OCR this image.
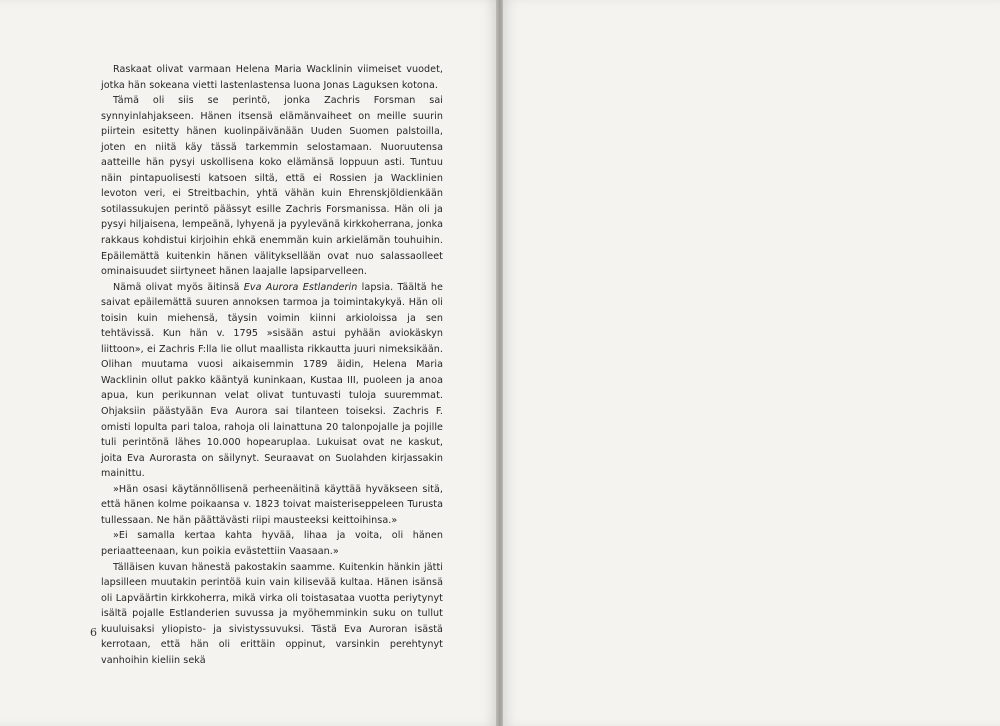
Raskaat olivat varmaan Helena Maria Wacklinin viimeiset vuodet, jotka hän sokeana vietti lastenlastensa luona Jonas Laguksen kotona.

Tämä oli siis se perintö, jonka Zachris Forsman sai synnyinlahjakseen. Hänen itsensä elämänvaiheet on meille suurin piirtein esitetty hänen kuolinpäivänään Uuden Suomen palstoilla, joten en niitä käy tässä tarkemmin selostamaan. Nuoruutensa aatteille hän pysyi uskollisena koko elämänsä loppuun asti. Tuntuu näin pintapuolisesti katsoen siltä, että ei Rossien ja Wacklinien levoton veri, ei Streitbachin, yhtä vähän kuin Ehrenskjöldienkään sotilassukujen perintö päässyt esille Zachris Forsmanissa. Hän oli ja pysyi hiljaisena, lempeänä, lyhyenä ja pyylevänä kirkkoherrana, jonka rakkaus kohdistui kirjoihin ehkä enemmän kuin arkielämän touhuihin. Epäilemättä kuitenkin hänen välityksellään ovat nuo salassaolleet ominaisuudet siirtyneet hänen laajalle lapsiparvelleen.

Nämä olivat myös äitinsä Eva Aurora Estlanderin lapsia. Täältä he saivat epäilemättä suuren annoksen tarmoa ja toimintakykyä. Hän oli toisin kuin miehensä, täysin voimin kiinni arkioloissa ja sen tehtävissä. Kun hän v. 1795 »sisään astui pyhään aviokäskyn liittoon», ei Zachris F:lla lie ollut maallista rikkautta juuri nimeksikään. Olihan muutama vuosi aikaisemmin 1789 äidin, Helena Maria Wacklinin ollut pakko kääntyä kuninkaan, Kustaa III, puoleen ja anoa apua, kun perikunnan velat olivat tuntuvasti tuloja suuremmat. Ohjaksiin päästyään Eva Aurora sai tilanteen toiseksi. Zachris F. omisti lopulta pari taloa, rahoja oli lainattuna 20 talonpojalle ja pojille tuli perintönä lähes 10.000 hopearuplaa. Lukuisat ovat ne kaskut, joita Eva Aurorasta on säilynyt. Seuraavat on Suolahden kirjassakin mainittu.

»Hän osasi käytännöllisenä perheenäitinä käyttää hyväkseen sitä, että hänen kolme poikaansa v. 1823 toivat maisteriseppeleen Turusta tullessaan. Ne hän päättävästi riipi mausteeksi keittoihinsa.»

»Ei samalla kertaa kahta hyvää, lihaa ja voita, oli hänen periaatteenaan, kun poikia evästettiin Vaasaan.»

Tälläisen kuvan hänestä pakostakin saamme. Kuitenkin hänkin jätti lapsilleen muutakin perintöä kuin vain kilisevää kultaa. Hänen isänsä oli Lapväärtin kirkkoherra, mikä virka oli toistasataa vuotta periytynyt isältä pojalle Estlanderien suvussa ja myöhemminkin suku on tullut kuuluisaksi yliopisto- ja sivistyssuvuksi. Tästä Eva Auroran isästä kerrotaan, että hän oli erittäin oppinut, varsinkin perehtynyt vanhoihin kieliin sekä

6
